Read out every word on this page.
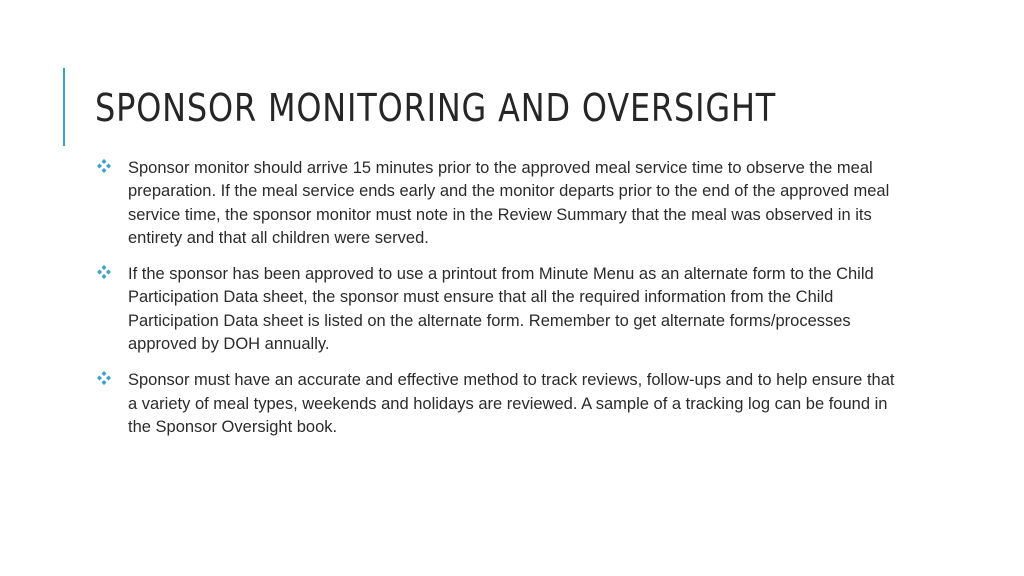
SPONSOR MONITORING AND OVERSIGHT
Sponsor monitor should arrive 15 minutes prior to the approved meal service time to observe the meal preparation. If the meal service ends early and the monitor departs prior to the end of the approved meal service time, the sponsor monitor must note in the Review Summary that the meal was observed in its entirety and that all children were served.
If the sponsor has been approved to use a printout from Minute Menu as an alternate form to the Child Participation Data sheet, the sponsor must ensure that all the required information from the Child Participation Data sheet is listed on the alternate form. Remember to get alternate forms/processes approved by DOH annually.
Sponsor must have an accurate and effective method to track reviews, follow-ups and to help ensure that a variety of meal types, weekends and holidays are reviewed. A sample of a tracking log can be found in the Sponsor Oversight book.
